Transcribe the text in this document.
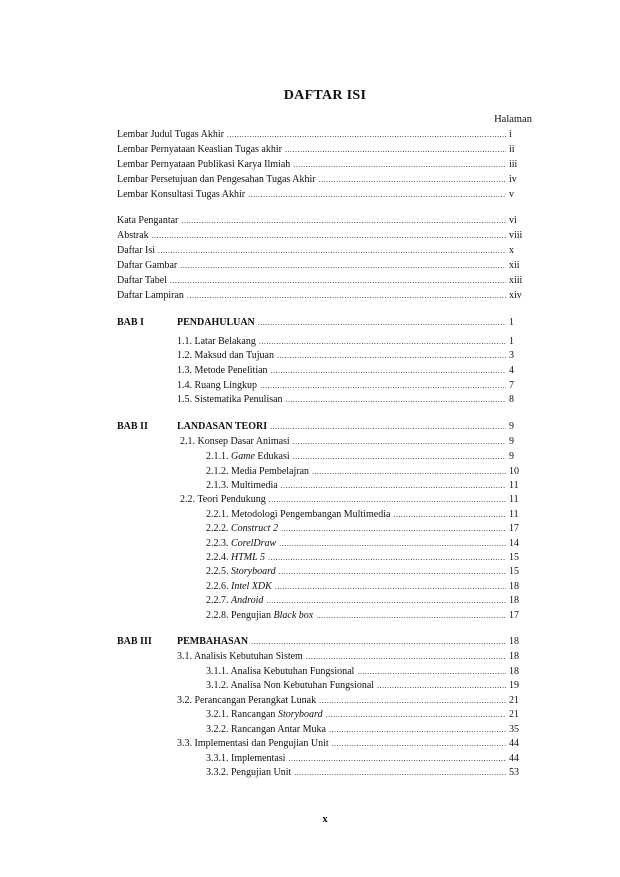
DAFTAR ISI
Halaman
Lembar Judul Tugas Akhir .....	i
Lembar Pernyataan Keaslian Tugas akhir .....	ii
Lembar Pernyataan Publikasi Karya Ilmiah .....	iii
Lembar Persetujuan dan Pengesahan Tugas Akhir .....	iv
Lembar Konsultasi Tugas Akhir .....	v
Kata Pengantar .....	vi
Abstrak .....	viii
Daftar Isi .....	x
Daftar Gambar .....	xii
Daftar Tabel .....	xiii
Daftar Lampiran .....	xiv
BAB I	PENDAHULUAN .....	1
1.1. Latar Belakang .....	1
1.2. Maksud dan Tujuan .....	3
1.3. Metode Penelitian .....	4
1.4. Ruang Lingkup .....	7
1.5. Sistematika Penulisan .....	8
BAB II	LANDASAN TEORI .....	9
2.1. Konsep Dasar Animasi .....	9
2.1.1. Game Edukasi .....	9
2.1.2. Media Pembelajran .....	10
2.1.3. Multimedia .....	11
2.2. Teori Pendukung .....	11
2.2.1. Metodologi Pengembangan Multimedia .....	11
2.2.2. Construct 2 .....	17
2.2.3. CorelDraw .....	14
2.2.4. HTML 5 .....	15
2.2.5. Storyboard .....	15
2.2.6. Intel XDK .....	18
2.2.7. Android .....	18
2.2.8. Pengujian Black box .....	17
BAB III	PEMBAHASAN .....	18
3.1. Analisis Kebutuhan Sistem .....	18
3.1.1. Analisa Kebutuhan Fungsional .....	18
3.1.2. Analisa Non Kebutuhan Fungsional .....	19
3.2. Perancangan Perangkat Lunak .....	21
3.2.1. Rancangan Storyboard .....	21
3.2.2. Rancangan Antar Muka .....	35
3.3. Implementasi dan Pengujian Unit .....	44
3.3.1. Implementasi .....	44
3.3.2. Pengujian Unit .....	53
x
